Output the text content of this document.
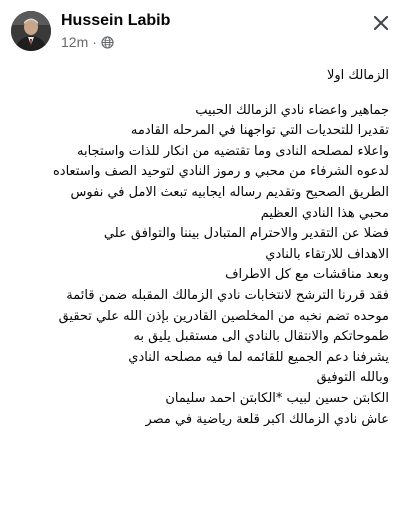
Hussein Labib
12m ·
الزمالك اولا
جماهير واعضاء نادي الزمالك الحبيب
تقديرا للتحديات التي تواجهنا في المرحله القادمه
واعلاء لمصلحه النادى وما تقتضيه من انكار للذات واستجابه
لدعوه الشرفاء من محبي و رموز النادي لتوحيد الصف واستعاده
الطريق الصحيح وتقديم رساله ايجابيه تبعث الامل في نفوس
محبي هذا النادي العظيم
فضلا عن التقدير والاحترام المتبادل بيننا والتوافق علي
الاهداف للارتقاء بالنادي
وبعد مناقشات مع كل الاطراف
فقد قررنا الترشح لانتخابات نادي الزمالك المقبله ضمن قائمة
موحده تضم نخبه من المخلصين القادرين بإذن الله علي تحقيق
طموحاتكم والانتقال بالنادي الى مستقبل يليق به
يشرفنا دعم الجميع للقائمه لما فيه مصلحه النادي
وبالله التوفيق
الكابتن حسين لبيب *الكابتن احمد سليمان
عاش نادي الزمالك اكبر قلعة رياضية في مصر
